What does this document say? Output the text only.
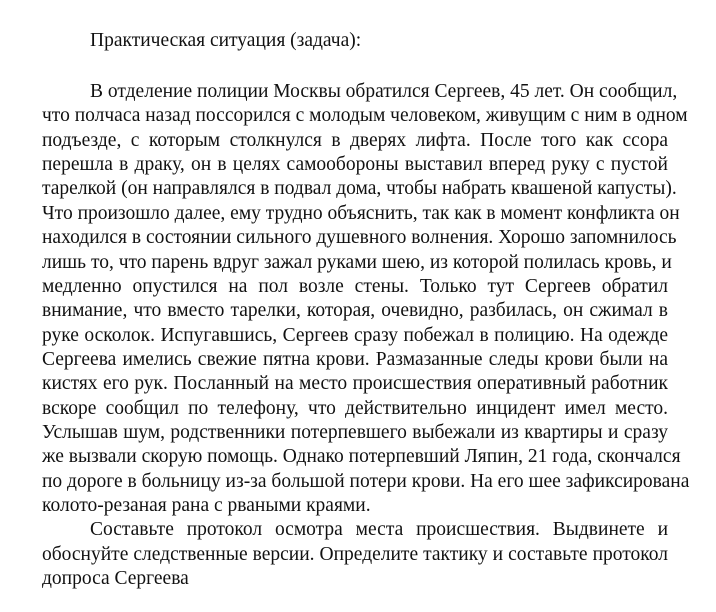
Практическая ситуация (задача):
В отделение полиции Москвы обратился Сергеев, 45 лет. Он сообщил,
что полчаса назад поссорился с молодым человеком, живущим с ним в одном
подъезде, с которым столкнулся в дверях лифта. После того как ссора
перешла в драку, он в целях самообороны выставил вперед руку с пустой
тарелкой (он направлялся в подвал дома, чтобы набрать квашеной капусты).
Что произошло далее, ему трудно объяснить, так как в момент конфликта он
находился в состоянии сильного душевного волнения. Хорошо запомнилось
лишь то, что парень вдруг зажал руками шею, из которой полилась кровь, и
медленно опустился на пол возле стены. Только тут Сергеев обратил
внимание, что вместо тарелки, которая, очевидно, разбилась, он сжимал в
руке осколок. Испугавшись, Сергеев сразу побежал в полицию. На одежде
Сергеева имелись свежие пятна крови. Размазанные следы крови были на
кистях его рук. Посланный на место происшествия оперативный работник
вскоре сообщил по телефону, что действительно инцидент имел место.
Услышав шум, родственники потерпевшего выбежали из квартиры и сразу
же вызвали скорую помощь. Однако потерпевший Ляпин, 21 года, скончался
по дороге в больницу из-за большой потери крови. На его шее зафиксирована
колото-резаная рана с рваными краями.
Составьте протокол осмотра места происшествия. Выдвинете и
обоснуйте следственные версии. Определите тактику и составьте протокол
допроса Сергеева
